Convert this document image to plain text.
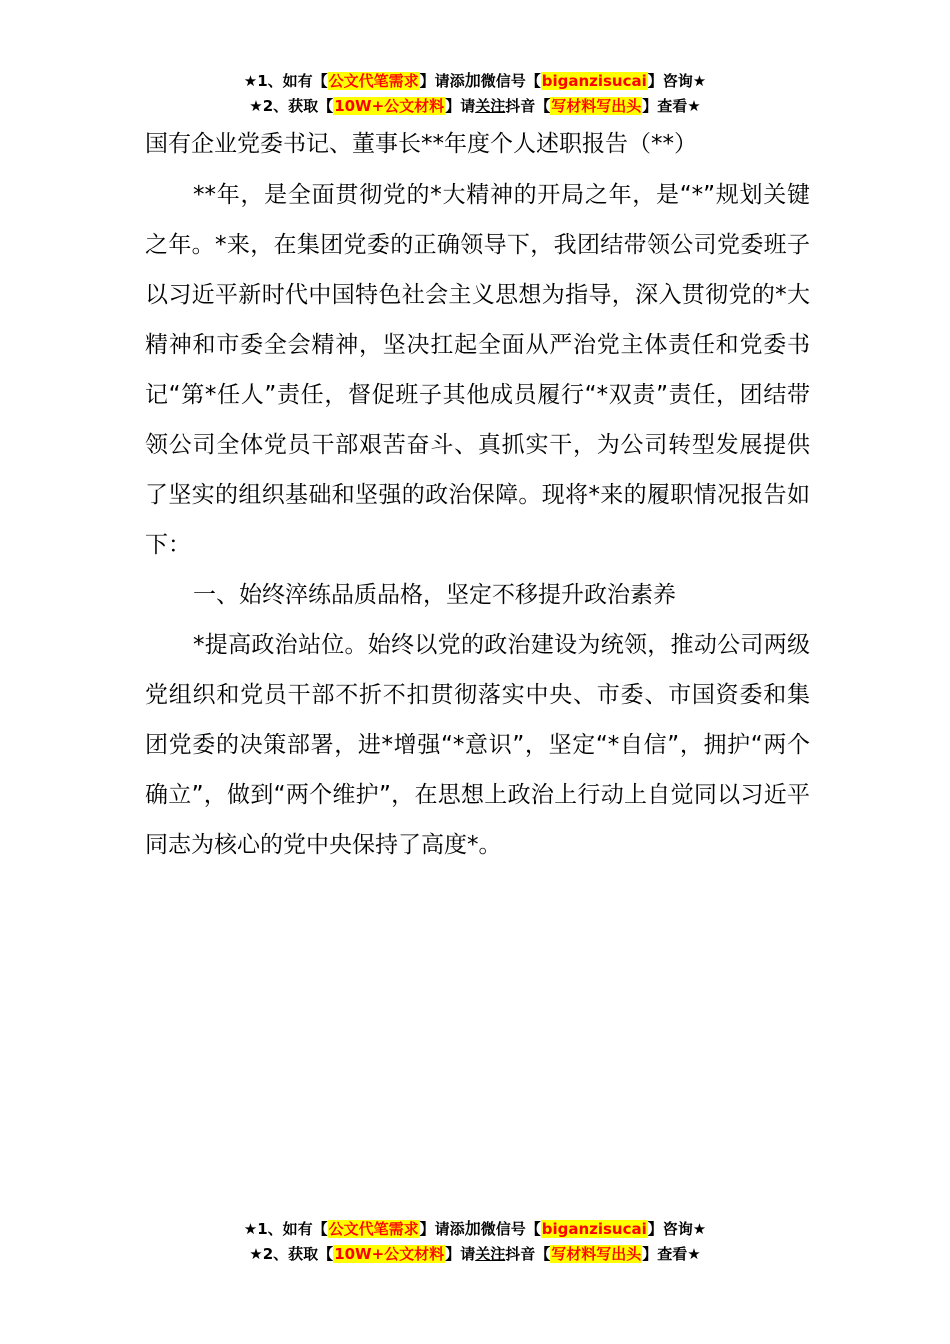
★1、如有【公文代笔需求】请添加微信号【biganzisucai】咨询★
★2、获取【10W+公文材料】请关注抖音【写材料写出头】查看★
国有企业党委书记、董事长**年度个人述职报告（**）

**年，是全面贯彻党的*大精神的开局之年，是“*”规划关键之年。*来，在集团党委的正确领导下，我团结带领公司党委班子以习近平新时代中国特色社会主义思想为指导，深入贯彻党的*大精神和市委全会精神，坚决扛起全面从严治党主体责任和党委书记“第*任人”责任，督促班子其他成员履行“*双责”责任，团结带领公司全体党员干部艰苦奋斗、真抓实干，为公司转型发展提供了坚实的组织基础和坚强的政治保障。现将*来的履职情况报告如下：

一、始终淬练品质品格，坚定不移提升政治素养

*提高政治站位。始终以党的政治建设为统领，推动公司两级党组织和党员干部不折不扣贯彻落实中央、市委、市国资委和集团党委的决策部署，进*增强“*意识”，坚定“*自信”，拥护“两个确立”，做到“两个维护”，在思想上政治上行动上自觉同以习近平同志为核心的党中央保持了高度*。

★1、如有【公文代笔需求】请添加微信号【biganzisucai】咨询★
★2、获取【10W+公文材料】请关注抖音【写材料写出头】查看★
